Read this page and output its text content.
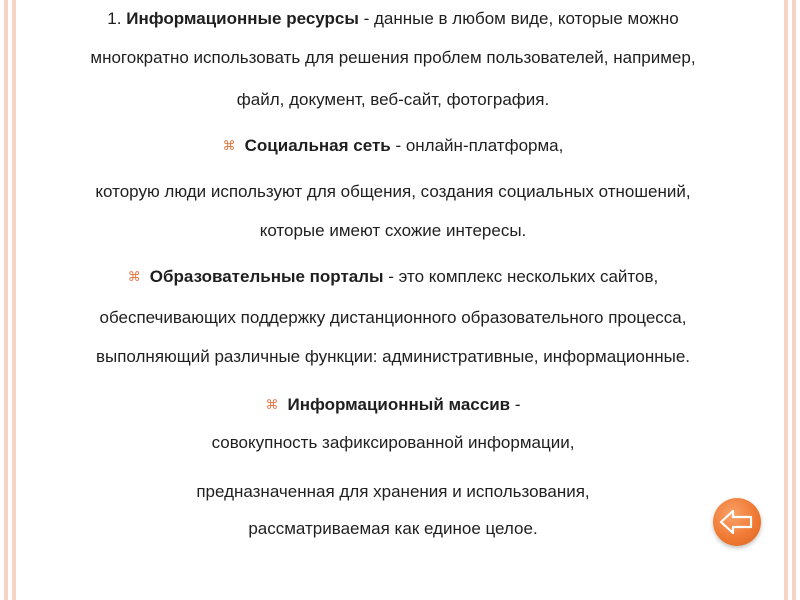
1. Информационные ресурсы - данные в любом виде, которые можно
многократно использовать для решения проблем пользователей, например,
файл, документ, веб-сайт, фотография.
⌘ Социальная сеть - онлайн-платформа,
которую люди используют для общения, создания социальных отношений,
которые имеют схожие интересы.
⌘ Образовательные порталы - это комплекс нескольких сайтов,
обеспечивающих поддержку дистанционного образовательного процесса,
выполняющий различные функции: административные, информационные.
⌘ Информационный массив -
совокупность зафиксированной информации,
предназначенная для хранения и использования,
рассматриваемая как единое целое.
